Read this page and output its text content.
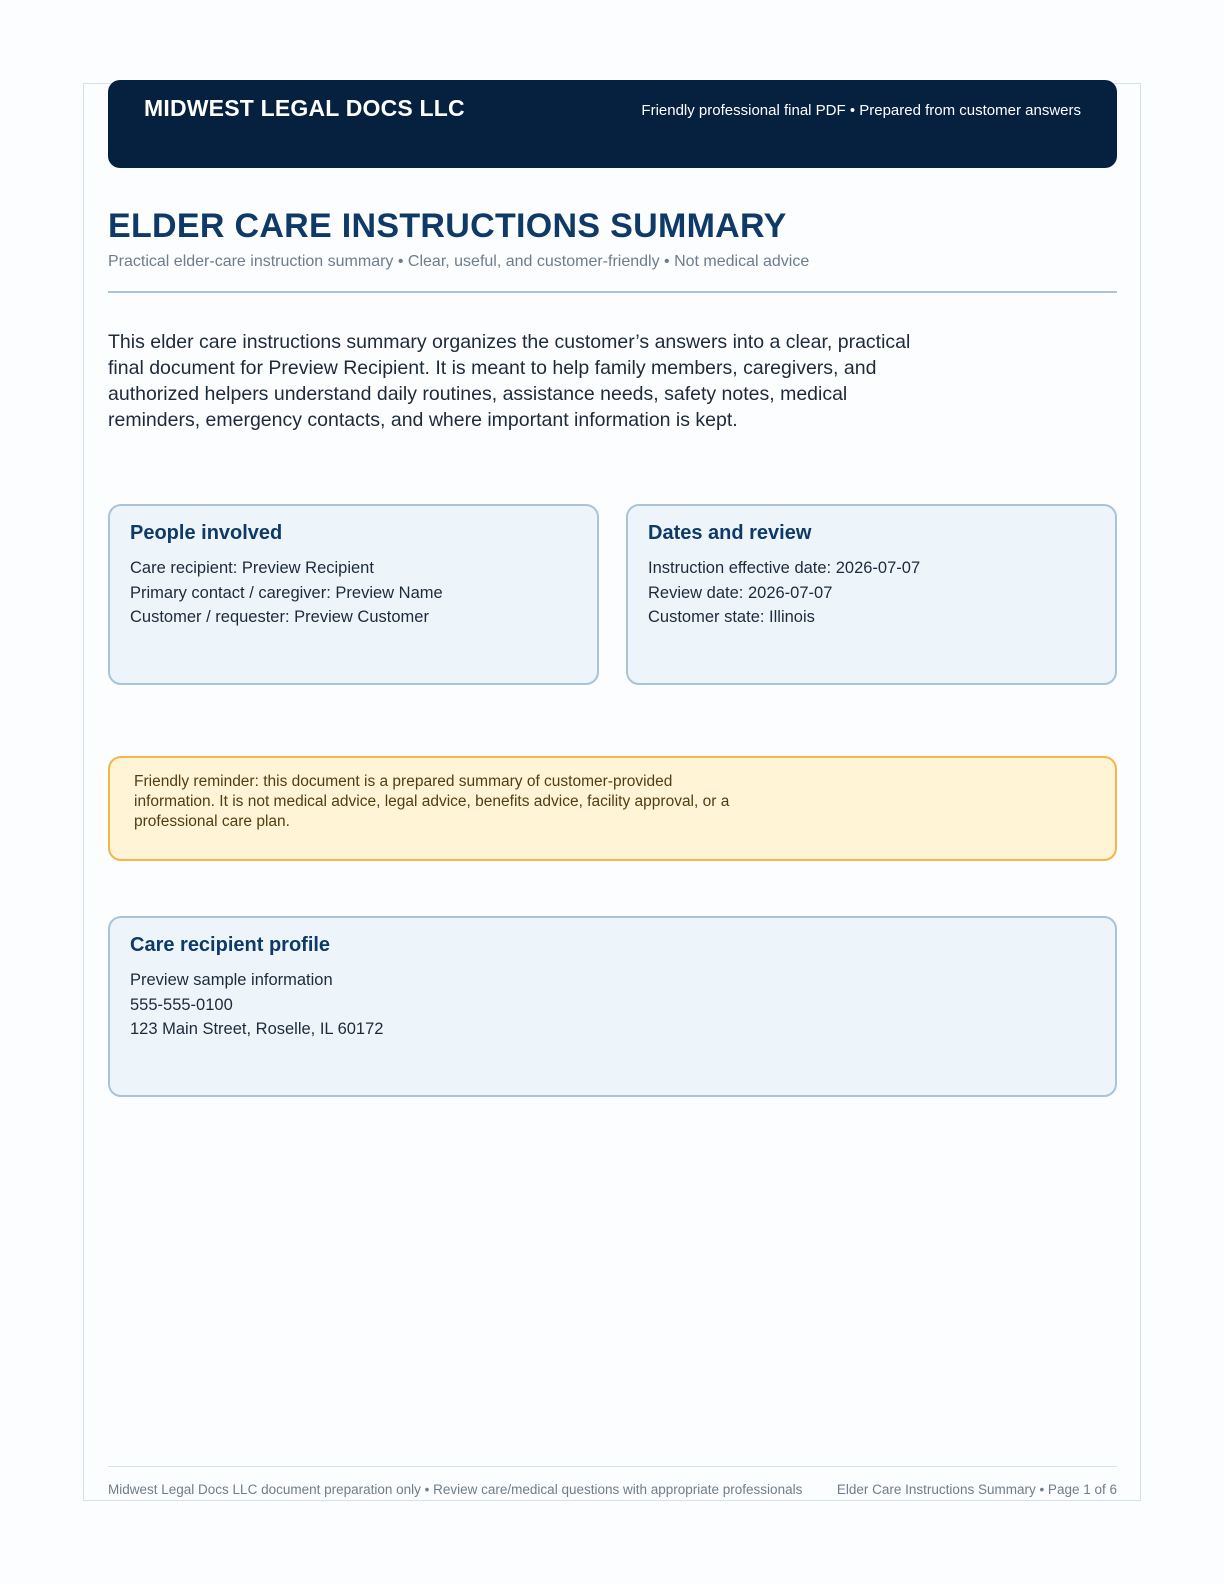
MIDWEST LEGAL DOCS LLC	Friendly professional final PDF • Prepared from customer answers
ELDER CARE INSTRUCTIONS SUMMARY
Practical elder-care instruction summary • Clear, useful, and customer-friendly • Not medical advice
This elder care instructions summary organizes the customer’s answers into a clear, practical final document for Preview Recipient. It is meant to help family members, caregivers, and authorized helpers understand daily routines, assistance needs, safety notes, medical reminders, emergency contacts, and where important information is kept.
People involved
Care recipient: Preview Recipient
Primary contact / caregiver: Preview Name
Customer / requester: Preview Customer
Dates and review
Instruction effective date: 2026-07-07
Review date: 2026-07-07
Customer state: Illinois
Friendly reminder: this document is a prepared summary of customer-provided information. It is not medical advice, legal advice, benefits advice, facility approval, or a professional care plan.
Care recipient profile
Preview sample information
555-555-0100
123 Main Street, Roselle, IL 60172
Midwest Legal Docs LLC document preparation only • Review care/medical questions with appropriate professionals	Elder Care Instructions Summary • Page 1 of 6
